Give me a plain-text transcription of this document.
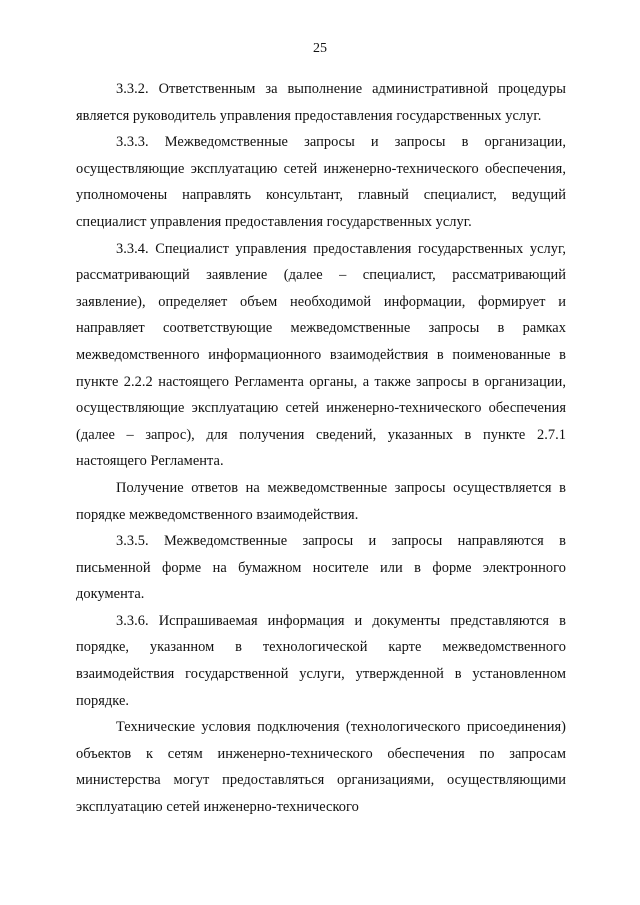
25

3.3.2. Ответственным за выполнение административной процедуры является руководитель управления предоставления государственных услуг.

3.3.3. Межведомственные запросы и запросы в организации, осуществляющие эксплуатацию сетей инженерно-технического обеспечения, уполномочены направлять консультант, главный специалист, ведущий специалист управления предоставления государственных услуг.

3.3.4. Специалист управления предоставления государственных услуг, рассматривающий заявление (далее – специалист, рассматривающий заявление), определяет объем необходимой информации, формирует и направляет соответствующие межведомственные запросы в рамках межведомственного информационного взаимодействия в поименованные в пункте 2.2.2 настоящего Регламента органы, а также запросы в организации, осуществляющие эксплуатацию сетей инженерно-технического обеспечения (далее – запрос), для получения сведений, указанных в пункте 2.7.1 настоящего Регламента.

Получение ответов на межведомственные запросы осуществляется в порядке межведомственного взаимодействия.

3.3.5. Межведомственные запросы и запросы направляются в письменной форме на бумажном носителе или в форме электронного документа.

3.3.6. Испрашиваемая информация и документы представляются в порядке, указанном в технологической карте межведомственного взаимодействия государственной услуги, утвержденной в установленном порядке.

Технические условия подключения (технологического присоединения) объектов к сетям инженерно-технического обеспечения по запросам министерства могут предоставляться организациями, осуществляющими эксплуатацию сетей инженерно-технического
